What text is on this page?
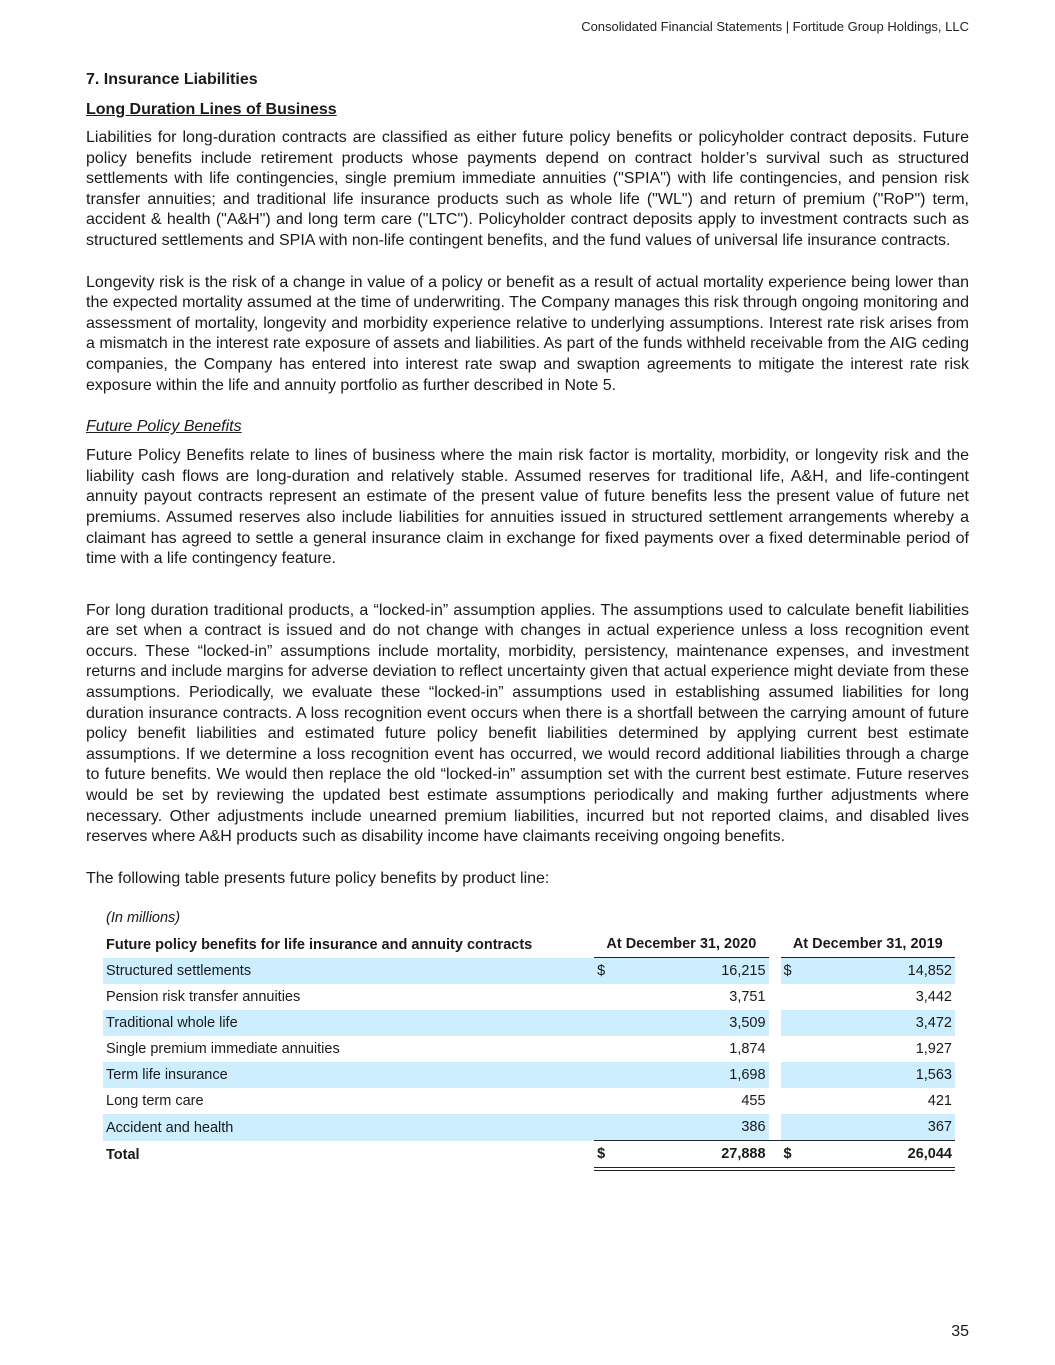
Consolidated Financial Statements | Fortitude Group Holdings, LLC
7. Insurance Liabilities
Long Duration Lines of Business

Liabilities for long-duration contracts are classified as either future policy benefits or policyholder contract deposits. Future policy benefits include retirement products whose payments depend on contract holder’s survival such as structured settlements with life contingencies, single premium immediate annuities ("SPIA") with life contingencies, and pension risk transfer annuities; and traditional life insurance products such as whole life ("WL") and return of premium ("RoP") term, accident & health ("A&H") and long term care ("LTC"). Policyholder contract deposits apply to investment contracts such as structured settlements and SPIA with non-life contingent benefits, and the fund values of universal life insurance contracts.

Longevity risk is the risk of a change in value of a policy or benefit as a result of actual mortality experience being lower than the expected mortality assumed at the time of underwriting. The Company manages this risk through ongoing monitoring and assessment of mortality, longevity and morbidity experience relative to underlying assumptions. Interest rate risk arises from a mismatch in the interest rate exposure of assets and liabilities. As part of the funds withheld receivable from the AIG ceding companies, the Company has entered into interest rate swap and swaption agreements to mitigate the interest rate risk exposure within the life and annuity portfolio as further described in Note 5.

Future Policy Benefits

Future Policy Benefits relate to lines of business where the main risk factor is mortality, morbidity, or longevity risk and the liability cash flows are long-duration and relatively stable. Assumed reserves for traditional life, A&H, and life-contingent annuity payout contracts represent an estimate of the present value of future benefits less the present value of future net premiums. Assumed reserves also include liabilities for annuities issued in structured settlement arrangements whereby a claimant has agreed to settle a general insurance claim in exchange for fixed payments over a fixed determinable period of time with a life contingency feature.

For long duration traditional products, a “locked-in” assumption applies. The assumptions used to calculate benefit liabilities are set when a contract is issued and do not change with changes in actual experience unless a loss recognition event occurs. These “locked-in” assumptions include mortality, morbidity, persistency, maintenance expenses, and investment returns and include margins for adverse deviation to reflect uncertainty given that actual experience might deviate from these assumptions. Periodically, we evaluate these “locked-in” assumptions used in establishing assumed liabilities for long duration insurance contracts. A loss recognition event occurs when there is a shortfall between the carrying amount of future policy benefit liabilities and estimated future policy benefit liabilities determined by applying current best estimate assumptions. If we determine a loss recognition event has occurred, we would record additional liabilities through a charge to future benefits. We would then replace the old “locked-in” assumption set with the current best estimate. Future reserves would be set by reviewing the updated best estimate assumptions periodically and making further adjustments where necessary. Other adjustments include unearned premium liabilities, incurred but not reported claims, and disabled lives reserves where A&H products such as disability income have claimants receiving ongoing benefits.

The following table presents future policy benefits by product line:

(In millions)					
Future policy benefits for life insurance and annuity contracts	At December 31, 2020			At December 31, 2019	
Structured settlements	$	16,215		$	14,852
Pension risk transfer annuities		3,751			3,442
Traditional whole life		3,509			3,472
Single premium immediate annuities		1,874			1,927
Term life insurance		1,698			1,563
Long term care		455			421
Accident and health		386			367
Total	$	27,888		$	26,044
35
